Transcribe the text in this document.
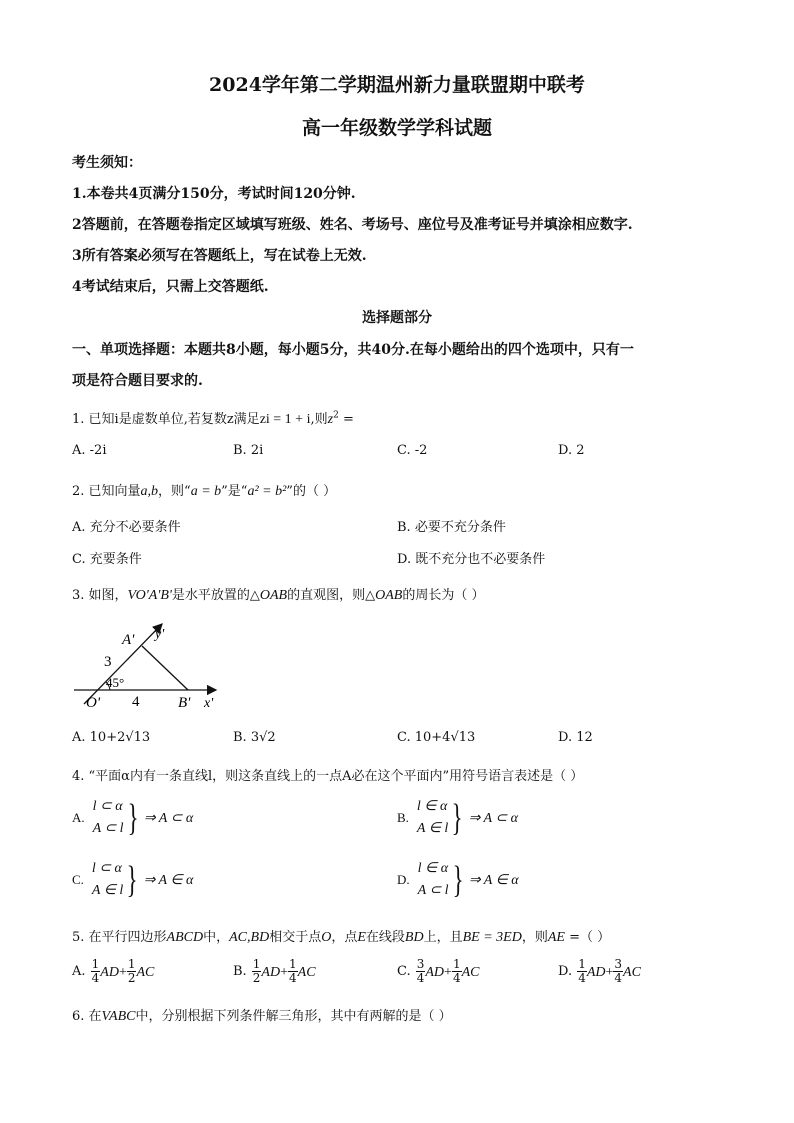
2024学年第二学期温州新力量联盟期中联考
高一年级数学学科试题
考生须知：
1.本卷共4页满分150分，考试时间120分钟.
2答题前，在答题卷指定区域填写班级、姓名、考场号、座位号及准考证号并填涂相应数字.
3所有答案必须写在答题纸上，写在试卷上无效.
4考试结束后，只需上交答题纸.
选择题部分
一、单项选择题：本题共8小题，每小题5分，共40分.在每小题给出的四个选项中，只有一
项是符合题目要求的.
1. 已知i是虚数单位,若复数z满足zi = 1 + i,则$z^2$ =
A. -2i	B. 2i	C. -2	D. 2
2. 已知向量a,b，则“a = b”是“a² = b²”的（ ）
A. 充分不必要条件	B. 必要不充分条件
C. 充要条件	D. 既不充分也不必要条件
3. 如图，VO'A'B'是水平放置的△OAB的直观图，则△OAB的周长为（ ）
A' y'
3
45°
4
O'	B' x'
A. 10+2√13	B. 3√2	C. 10+4√13	D. 12
4. “平面α内有一条直线l，则这条直线上的一点A必在这个平面内”用符号语言表述是（ ）
A.
l ⊂ α
A ⊂ l } ⇒ A ⊂ α	B.
l ∈ α
A ∈ l } ⇒ A ⊂ α
C.
l ⊂ α
A ∈ l } ⇒ A ∈ α	D.
l ∈ α
A ⊂ l } ⇒ A ∈ α
5. 在平行四边形ABCD中，AC,BD相交于点O，点E在线段BD上，且BE = 3ED，则AE =（ ）
A. $\frac{1}{4} AD+ \frac{1}{2}$ AC	B. $\frac{1}{2} AD+ \frac{1}{4}$ AC	C. $\frac{3}{4} AD+ \frac{1}{4}$ AC	D. $\frac{1}{4} AD+ \frac{3}{4}$ AC
6. 在VABC中，分别根据下列条件解三角形，其中有两解的是（ ）
